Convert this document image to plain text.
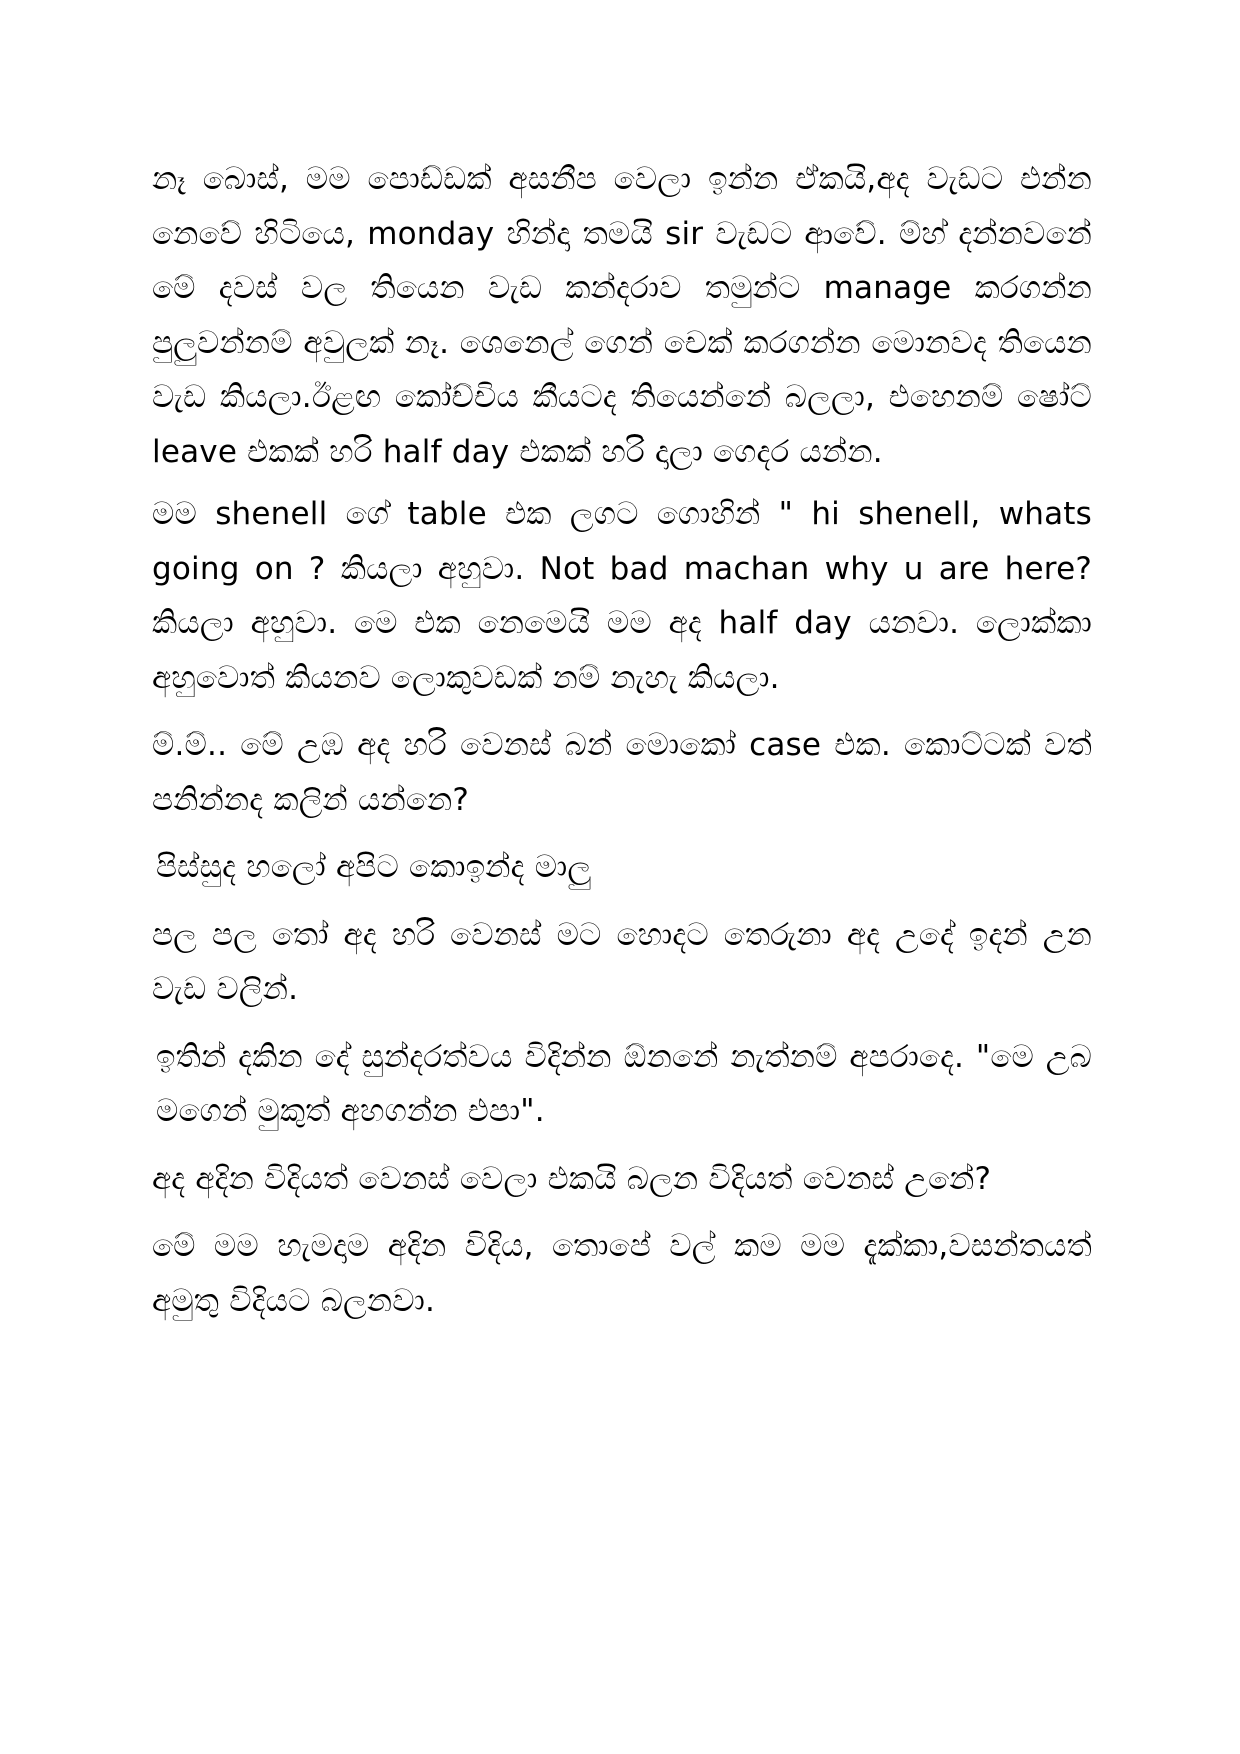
නෑ බොස්, මම පොඩ්ඩක් අසනීප වෙලා ඉන්න ඒකයි,අද වැඩට එන්න නෙවේ හිටියෙ, monday හින්දා තමයි sir වැඩට ආවේ. ම්හ් දන්නවනේ මේ දවස් වල තියෙන වැඩ කන්දරාව තමුන්ට manage කරගන්න පුලුවන්නම් අවුලක් නෑ. ශෙනෙල් ගෙන් චෙක් කරගන්න මොනවද තියෙන වැඩ කියලා.ඊළඟ කෝච්චිය කීයටද තියෙන්නේ බලලා, එහෙනම් ෂෝට් leave එකක් හරි half day එකක් හරි දාලා ගෙදර යන්න.

මම shenell ගේ table එක ලගට ගොහින් " hi shenell, whats going on ? කියලා අහුවා. Not bad machan why u are here? කියලා අහුවා. මෙ එක නෙමෙයි මම අද half day යනවා. ලොක්කා අහුවොත් කියනව ලොකුවඩක් නම් නැහැ කියලා.

ම්.ම්.. මේ උඹ අද හරි වෙනස් බන් මොකෝ case එක. කොට්ටක් වත් පනින්නද කලින් යන්නෙ?

පිස්සුද හලෝ අපිට කොඉන්ද මාලු

පල පල තෝ අද හරි වෙනස් මට හොදට තෙරුනා අද උදේ ඉදන් උන වැඩ වලින්.

ඉතින් දකින දේ සුන්දරත්වය විදින්න ඕනනේ නැත්නම් අපරාදෙ. "මෙ උබ මගෙන් මුකුත් අහගන්න එපා".

අද අදින විදියත් වෙනස් වෙලා එකයි බලන විදියත් වෙනස් උනේ?

මේ මම හැමදාම අදින විදිය, තොපේ වල් කම මම දැක්කා,වසන්තයත් අමුතු විදියට බලනවා.
